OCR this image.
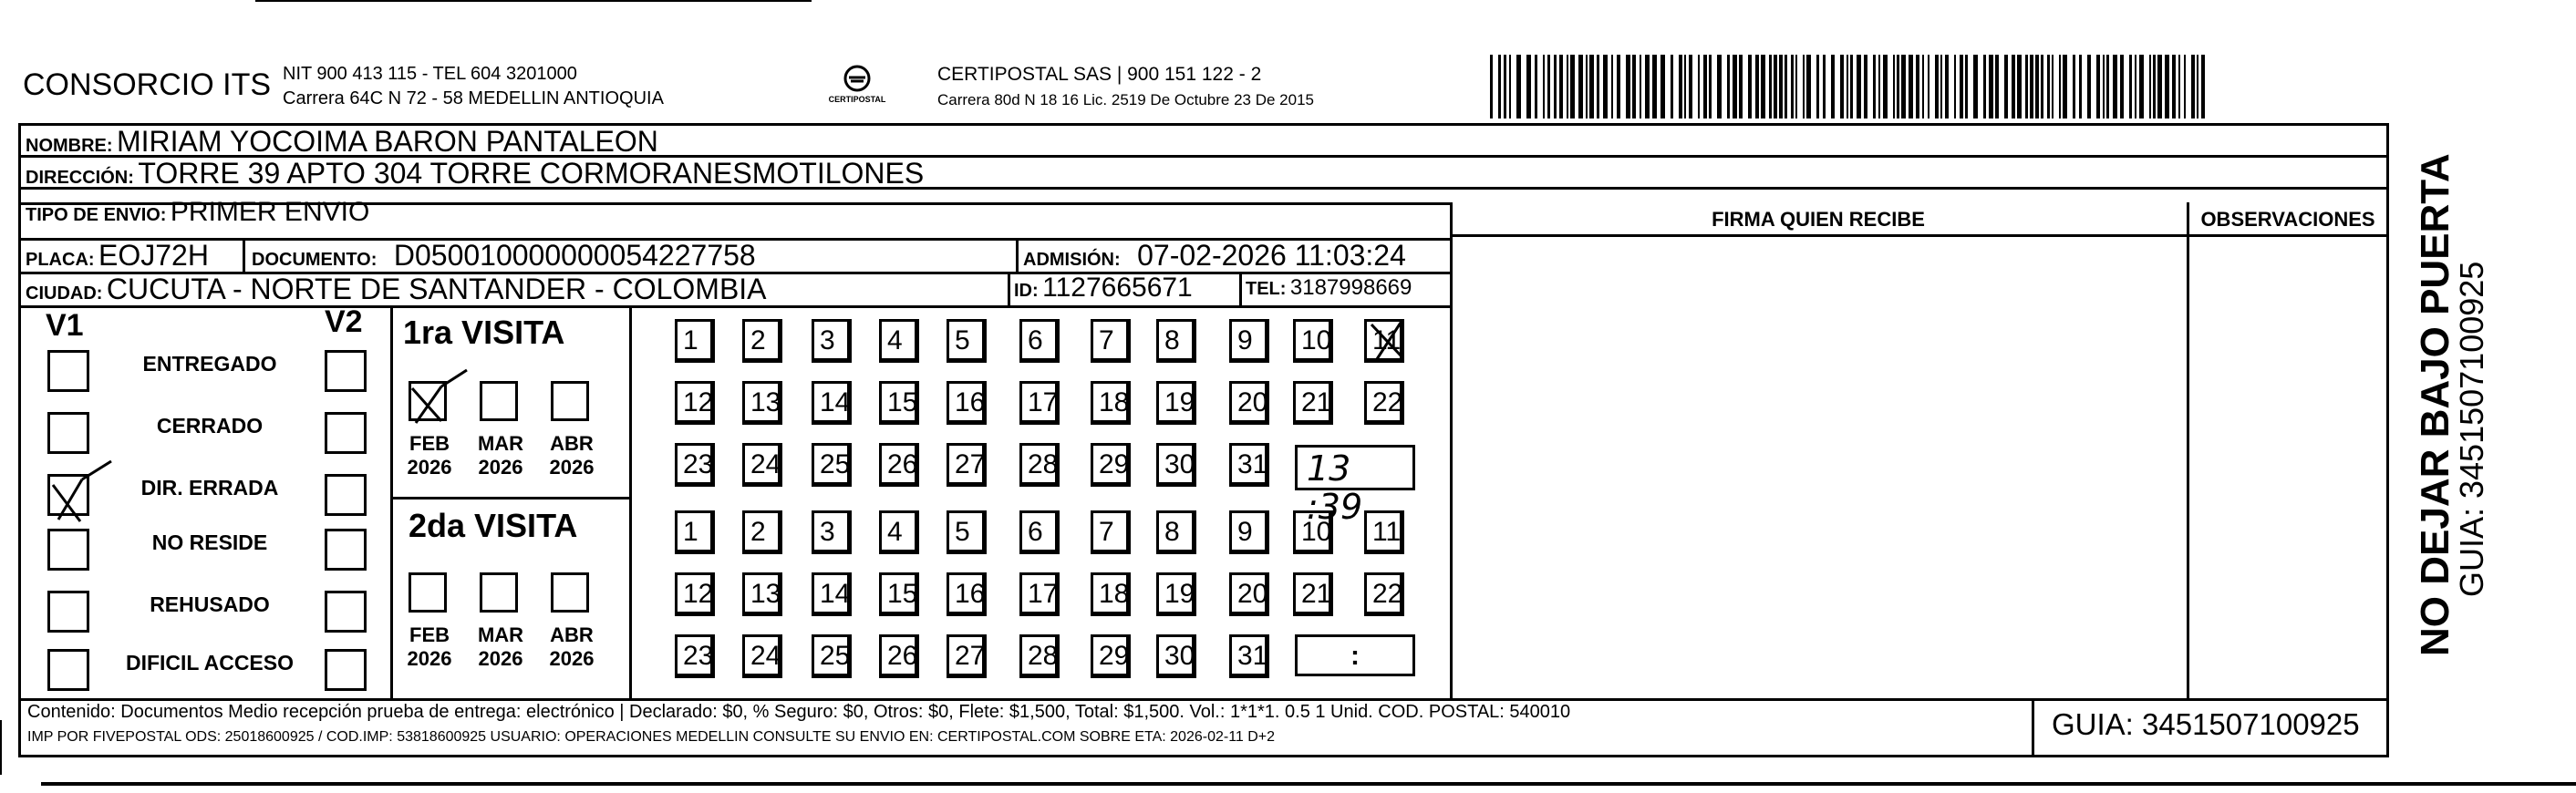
CONSORCIO ITS NIT 900 413 115 - TEL 604 3201000
Carrera 64C N 72 - 58 MEDELLIN ANTIOQUIA	CERTIPOSTAL
CERTIPOSTAL SAS | 900 151 122 - 2
Carrera 80d N 18 16 Lic. 2519 De Octubre 23 De 2015
NOMBRE: MIRIAM YOCOIMA BARON PANTALEON
DIRECCIÓN: TORRE 39 APTO 304 TORRE CORMORANESMOTILONES
TIPO DE ENVIO: PRIMER ENVIO
PLACA: EOJ72H DOCUMENTO: D050010000000054227758	ADMISIÓN: 07-02-2026 11:03:24
CIUDAD: CUCUTA - NORTE DE SANTANDER - COLOMBIA	ID: 1127665671	TEL: 3187998669
FIRMA QUIEN RECIBE	OBSERVACIONES
V1	V2
ENTREGADO
CERRADO
DIR. ERRADA
NO RESIDE
REHUSADO
DIFICIL ACCESO
1ra VISITA
2da VISITA
FEB
2026
MAR
2026
ABR
2026
FEB
2026
MAR
2026
ABR
2026
1	2	3	4	5	6	7	8	9	10	11
12	13	14	15	16	17	18	19	20	21	22
23	24	25	26	27	28	29	30	31
1	2	3	4	5	6	7	8	9	10	11
12	13	14	15	16	17	18	19	20	21	22
23	24	25	26	27	28	29	30	31
13 :39
:
Contenido: Documentos Medio recepción prueba de entrega: electrónico | Declarado: $0, % Seguro: $0, Otros: $0, Flete: $1,500, Total: $1,500. Vol.: 1*1*1. 0.5 1 Unid. COD. POSTAL: 540010
IMP POR FIVEPOSTAL ODS: 25018600925 / COD.IMP: 53818600925 USUARIO: OPERACIONES MEDELLIN CONSULTE SU ENVIO EN: CERTIPOSTAL.COM SOBRE ETA: 2026-02-11 D+2	GUIA: 3451507100925
NO DEJAR BAJO PUERTA
GUIA: 3451507100925
